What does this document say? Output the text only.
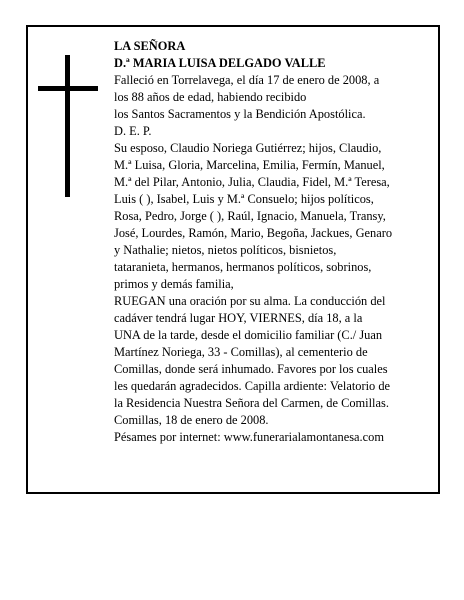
LA SEÑORA
D.ª MARIA LUISA DELGADO VALLE
Falleció en Torrelavega, el día 17 de enero de 2008, a
los 88 años de edad, habiendo recibido
los Santos Sacramentos y la Bendición Apostólica.
D. E. P.
Su esposo, Claudio Noriega Gutiérrez; hijos, Claudio,
M.ª Luisa, Gloria, Marcelina, Emilia, Fermín, Manuel,
M.ª del Pilar, Antonio, Julia, Claudia, Fidel, M.ª Teresa,
Luis ( ), Isabel, Luis y M.ª Consuelo; hijos políticos,
Rosa, Pedro, Jorge ( ), Raúl, Ignacio, Manuela, Transy,
José, Lourdes, Ramón, Mario, Begoña, Jackues, Genaro
y Nathalie; nietos, nietos políticos, bisnietos,
tataranieta, hermanos, hermanos políticos, sobrinos,
primos y demás familia,
RUEGAN una oración por su alma. La conducción del
cadáver tendrá lugar HOY, VIERNES, día 18, a la
UNA de la tarde, desde el domicilio familiar (C./ Juan
Martínez Noriega, 33 - Comillas), al cementerio de
Comillas, donde será inhumado. Favores por los cuales
les quedarán agradecidos. Capilla ardiente: Velatorio de
la Residencia Nuestra Señora del Carmen, de Comillas.
Comillas, 18 de enero de 2008.
Pésames por internet: www.funerarialamontanesa.com
